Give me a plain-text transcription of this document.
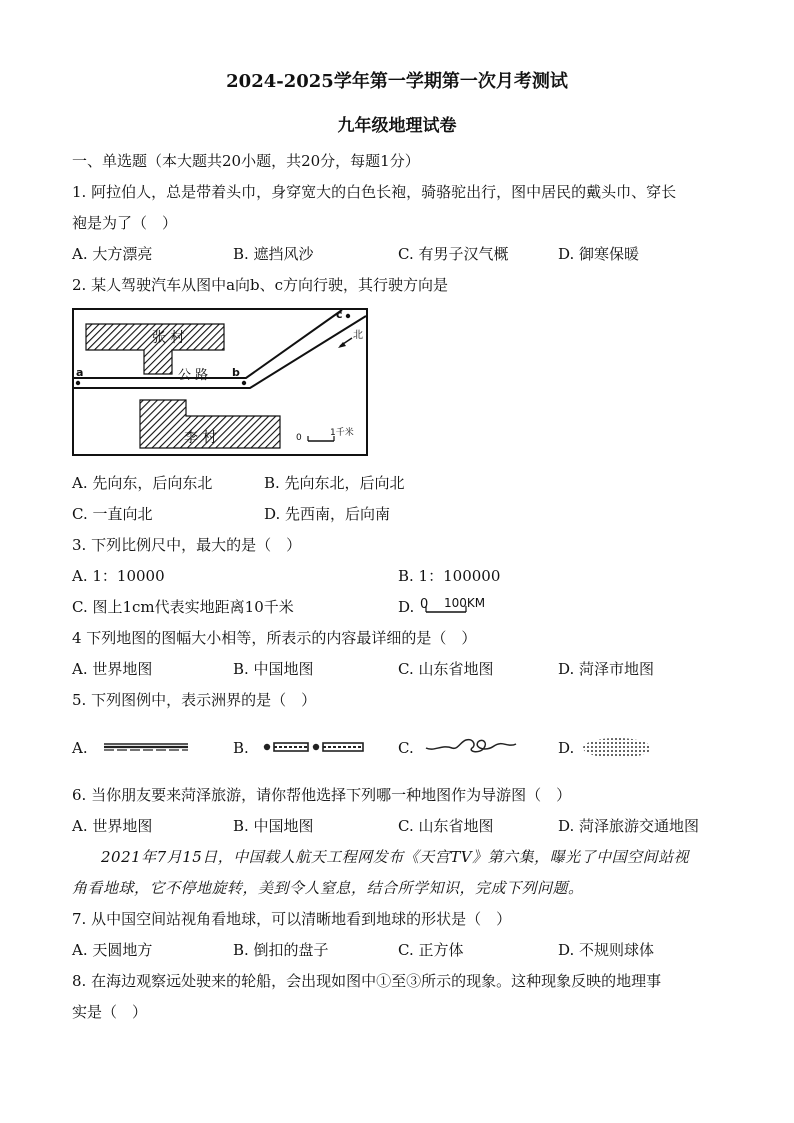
2024-2025学年第一学期第一次月考测试
九年级地理试卷
一、单选题（本大题共20小题，共20分，每题1分）
1. 阿拉伯人，总是带着头巾，身穿宽大的白色长袍，骑骆驼出行，图中居民的戴头巾、穿长
袍是为了（　）
A. 大方漂亮	B. 遮挡风沙	C. 有男子汉气概	D. 御寒保暖
2. 某人驾驶汽车从图中a向b、c方向行驶，其行驶方向是
张 村
李 村
a	b
c
公 路
北
0	1千米
A. 先向东，后向东北	B. 先向东北，后向北
C. 一直向北	D. 先西南，后向南
3. 下列比例尺中，最大的是（　）
A. 1：10000	B. 1：100000
C. 图上1cm代表实地距离10千米	D. 0 100KM
4 下列地图的图幅大小相等，所表示的内容最详细的是（　）
A. 世界地图	B. 中国地图	C. 山东省地图	D. 菏泽市地图
5. 下列图例中，表示洲界的是（　）
A.	B.	C.	D.
6. 当你朋友要来菏泽旅游，请你帮他选择下列哪一种地图作为导游图（　）
A. 世界地图	B. 中国地图	C. 山东省地图	D. 菏泽旅游交通地图
2021年7月15日，中国载人航天工程网发布《天宫TV》第六集，曝光了中国空间站视
角看地球，它不停地旋转，美到令人窒息，结合所学知识，完成下列问题。
7. 从中国空间站视角看地球，可以清晰地看到地球的形状是（　）
A. 天圆地方	B. 倒扣的盘子	C. 正方体	D. 不规则球体
8. 在海边观察远处驶来的轮船，会出现如图中①至③所示的现象。这种现象反映的地理事
实是（　）
